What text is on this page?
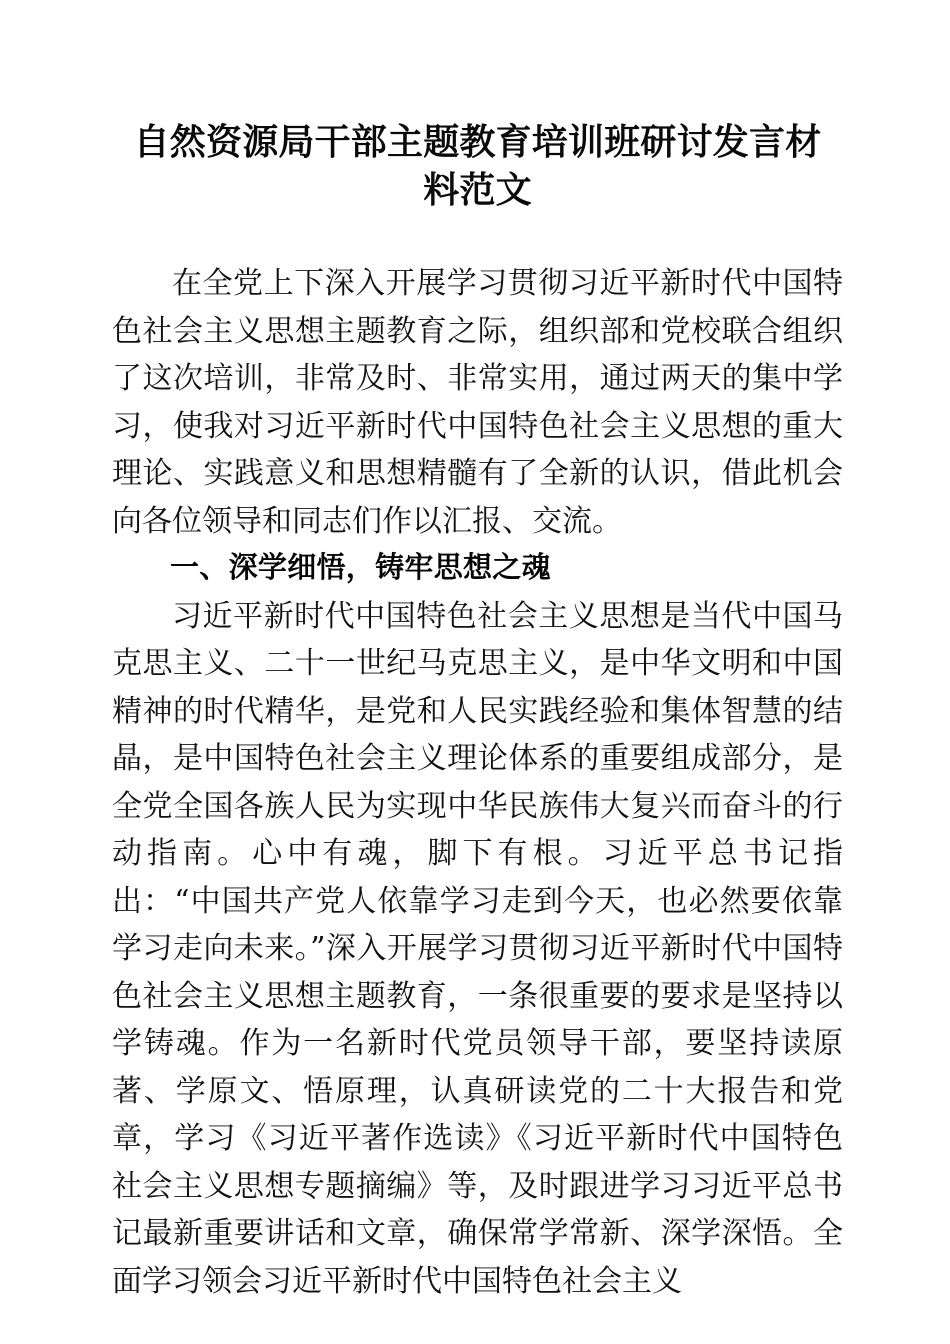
自然资源局干部主题教育培训班研讨发言材料范文

在全党上下深入开展学习贯彻习近平新时代中国特色社会主义思想主题教育之际，组织部和党校联合组织了这次培训，非常及时、非常实用，通过两天的集中学习，使我对习近平新时代中国特色社会主义思想的重大理论、实践意义和思想精髓有了全新的认识，借此机会向各位领导和同志们作以汇报、交流。

一、深学细悟，铸牢思想之魂

习近平新时代中国特色社会主义思想是当代中国马克思主义、二十一世纪马克思主义，是中华文明和中国精神的时代精华，是党和人民实践经验和集体智慧的结晶，是中国特色社会主义理论体系的重要组成部分，是全党全国各族人民为实现中华民族伟大复兴而奋斗的行动指南。心中有魂，脚下有根。习近平总书记指出：“中国共产党人依靠学习走到今天，也必然要依靠学习走向未来。”深入开展学习贯彻习近平新时代中国特色社会主义思想主题教育，一条很重要的要求是坚持以学铸魂。作为一名新时代党员领导干部，要坚持读原著、学原文、悟原理，认真研读党的二十大报告和党章，学习《习近平著作选读》《习近平新时代中国特色社会主义思想专题摘编》等，及时跟进学习习近平总书记最新重要讲话和文章，确保常学常新、深学深悟。全面学习领会习近平新时代中国特色社会主义
